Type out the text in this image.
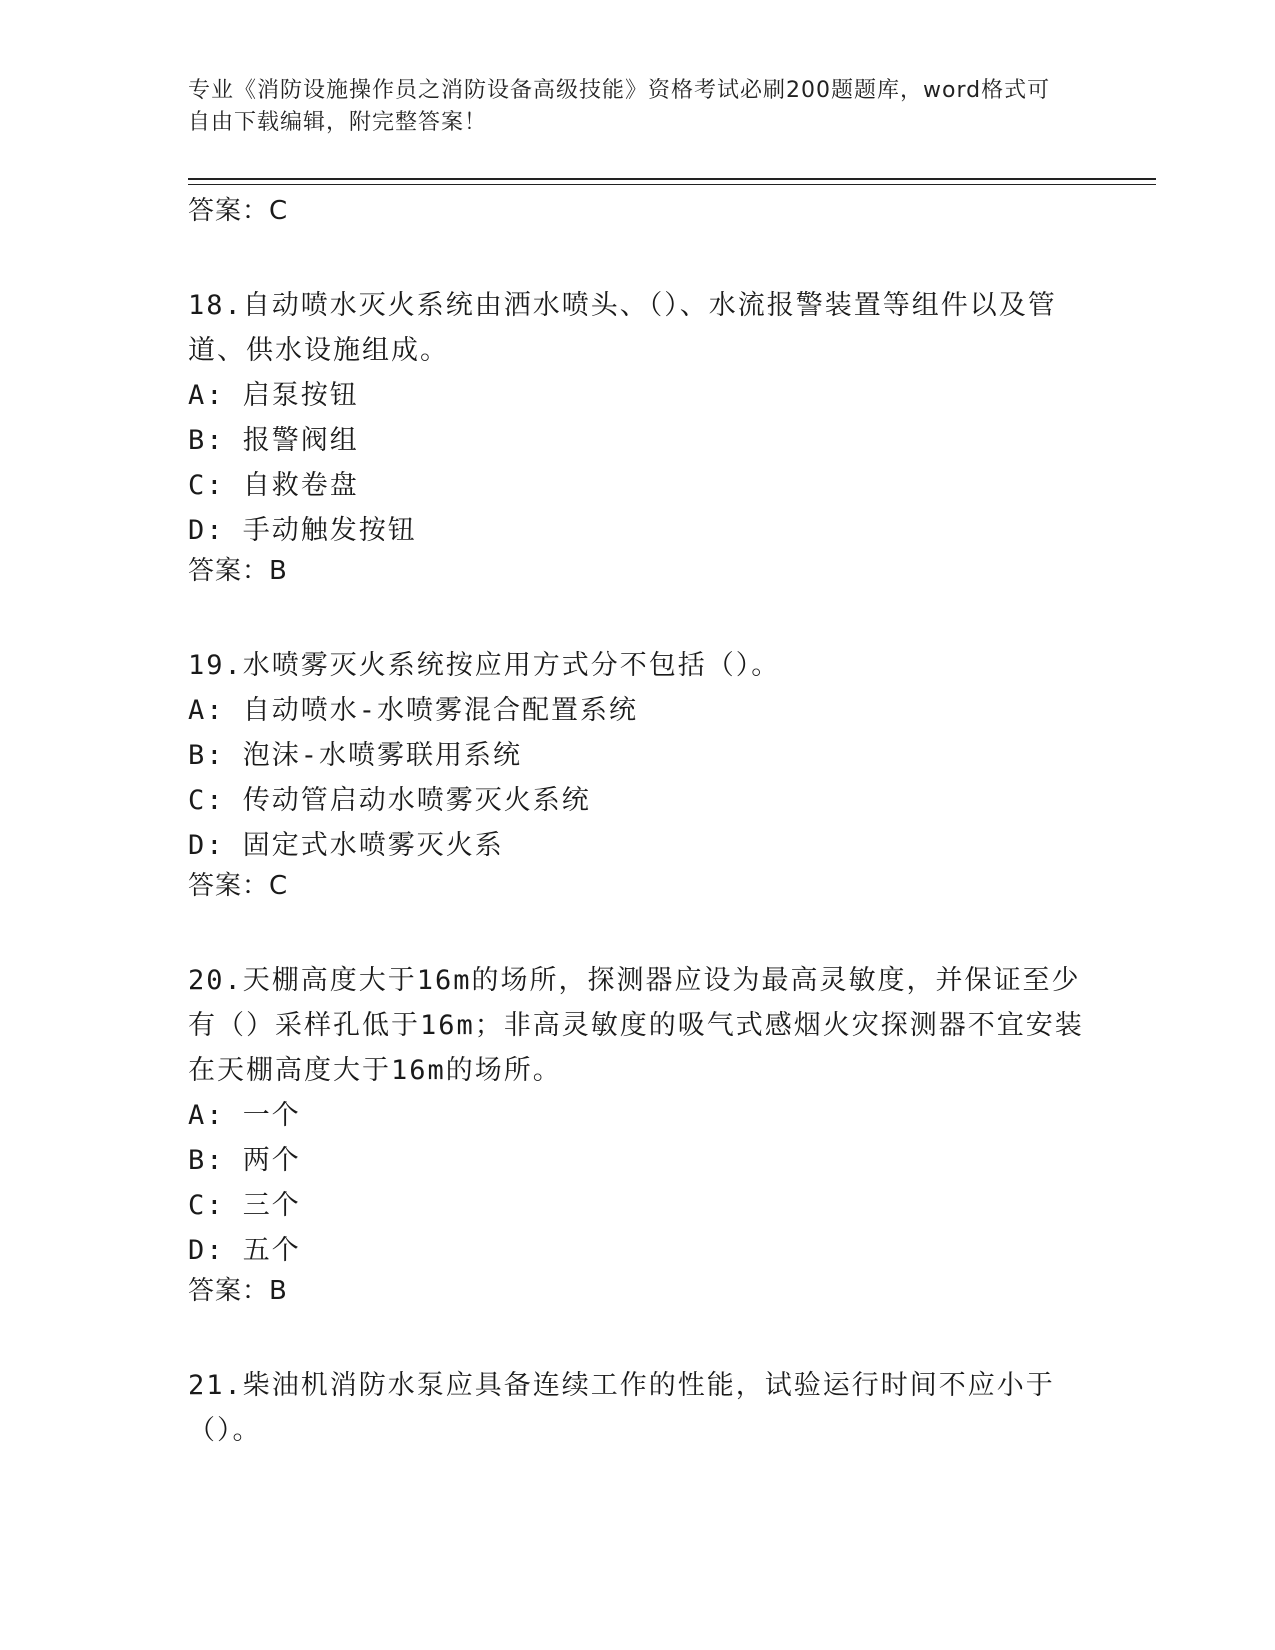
专业《消防设施操作员之消防设备高级技能》资格考试必刷200题题库，word格式可自由下载编辑，附完整答案！
答案：C

18.自动喷水灭火系统由洒水喷头、（）、水流报警装置等组件以及管道、供水设施组成。

A: 启泵按钮
B: 报警阀组
C: 自救卷盘
D: 手动触发按钮
答案：B

19.水喷雾灭火系统按应用方式分不包括（）。

A: 自动喷水-水喷雾混合配置系统
B: 泡沫-水喷雾联用系统
C: 传动管启动水喷雾灭火系统
D: 固定式水喷雾灭火系
答案：C

20.天棚高度大于16m的场所，探测器应设为最高灵敏度，并保证至少有（）采样孔低于16m；非高灵敏度的吸气式感烟火灾探测器不宜安装在天棚高度大于16m的场所。

A: 一个
B: 两个
C: 三个
D: 五个
答案：B

21.柴油机消防水泵应具备连续工作的性能，试验运行时间不应小于（）。
